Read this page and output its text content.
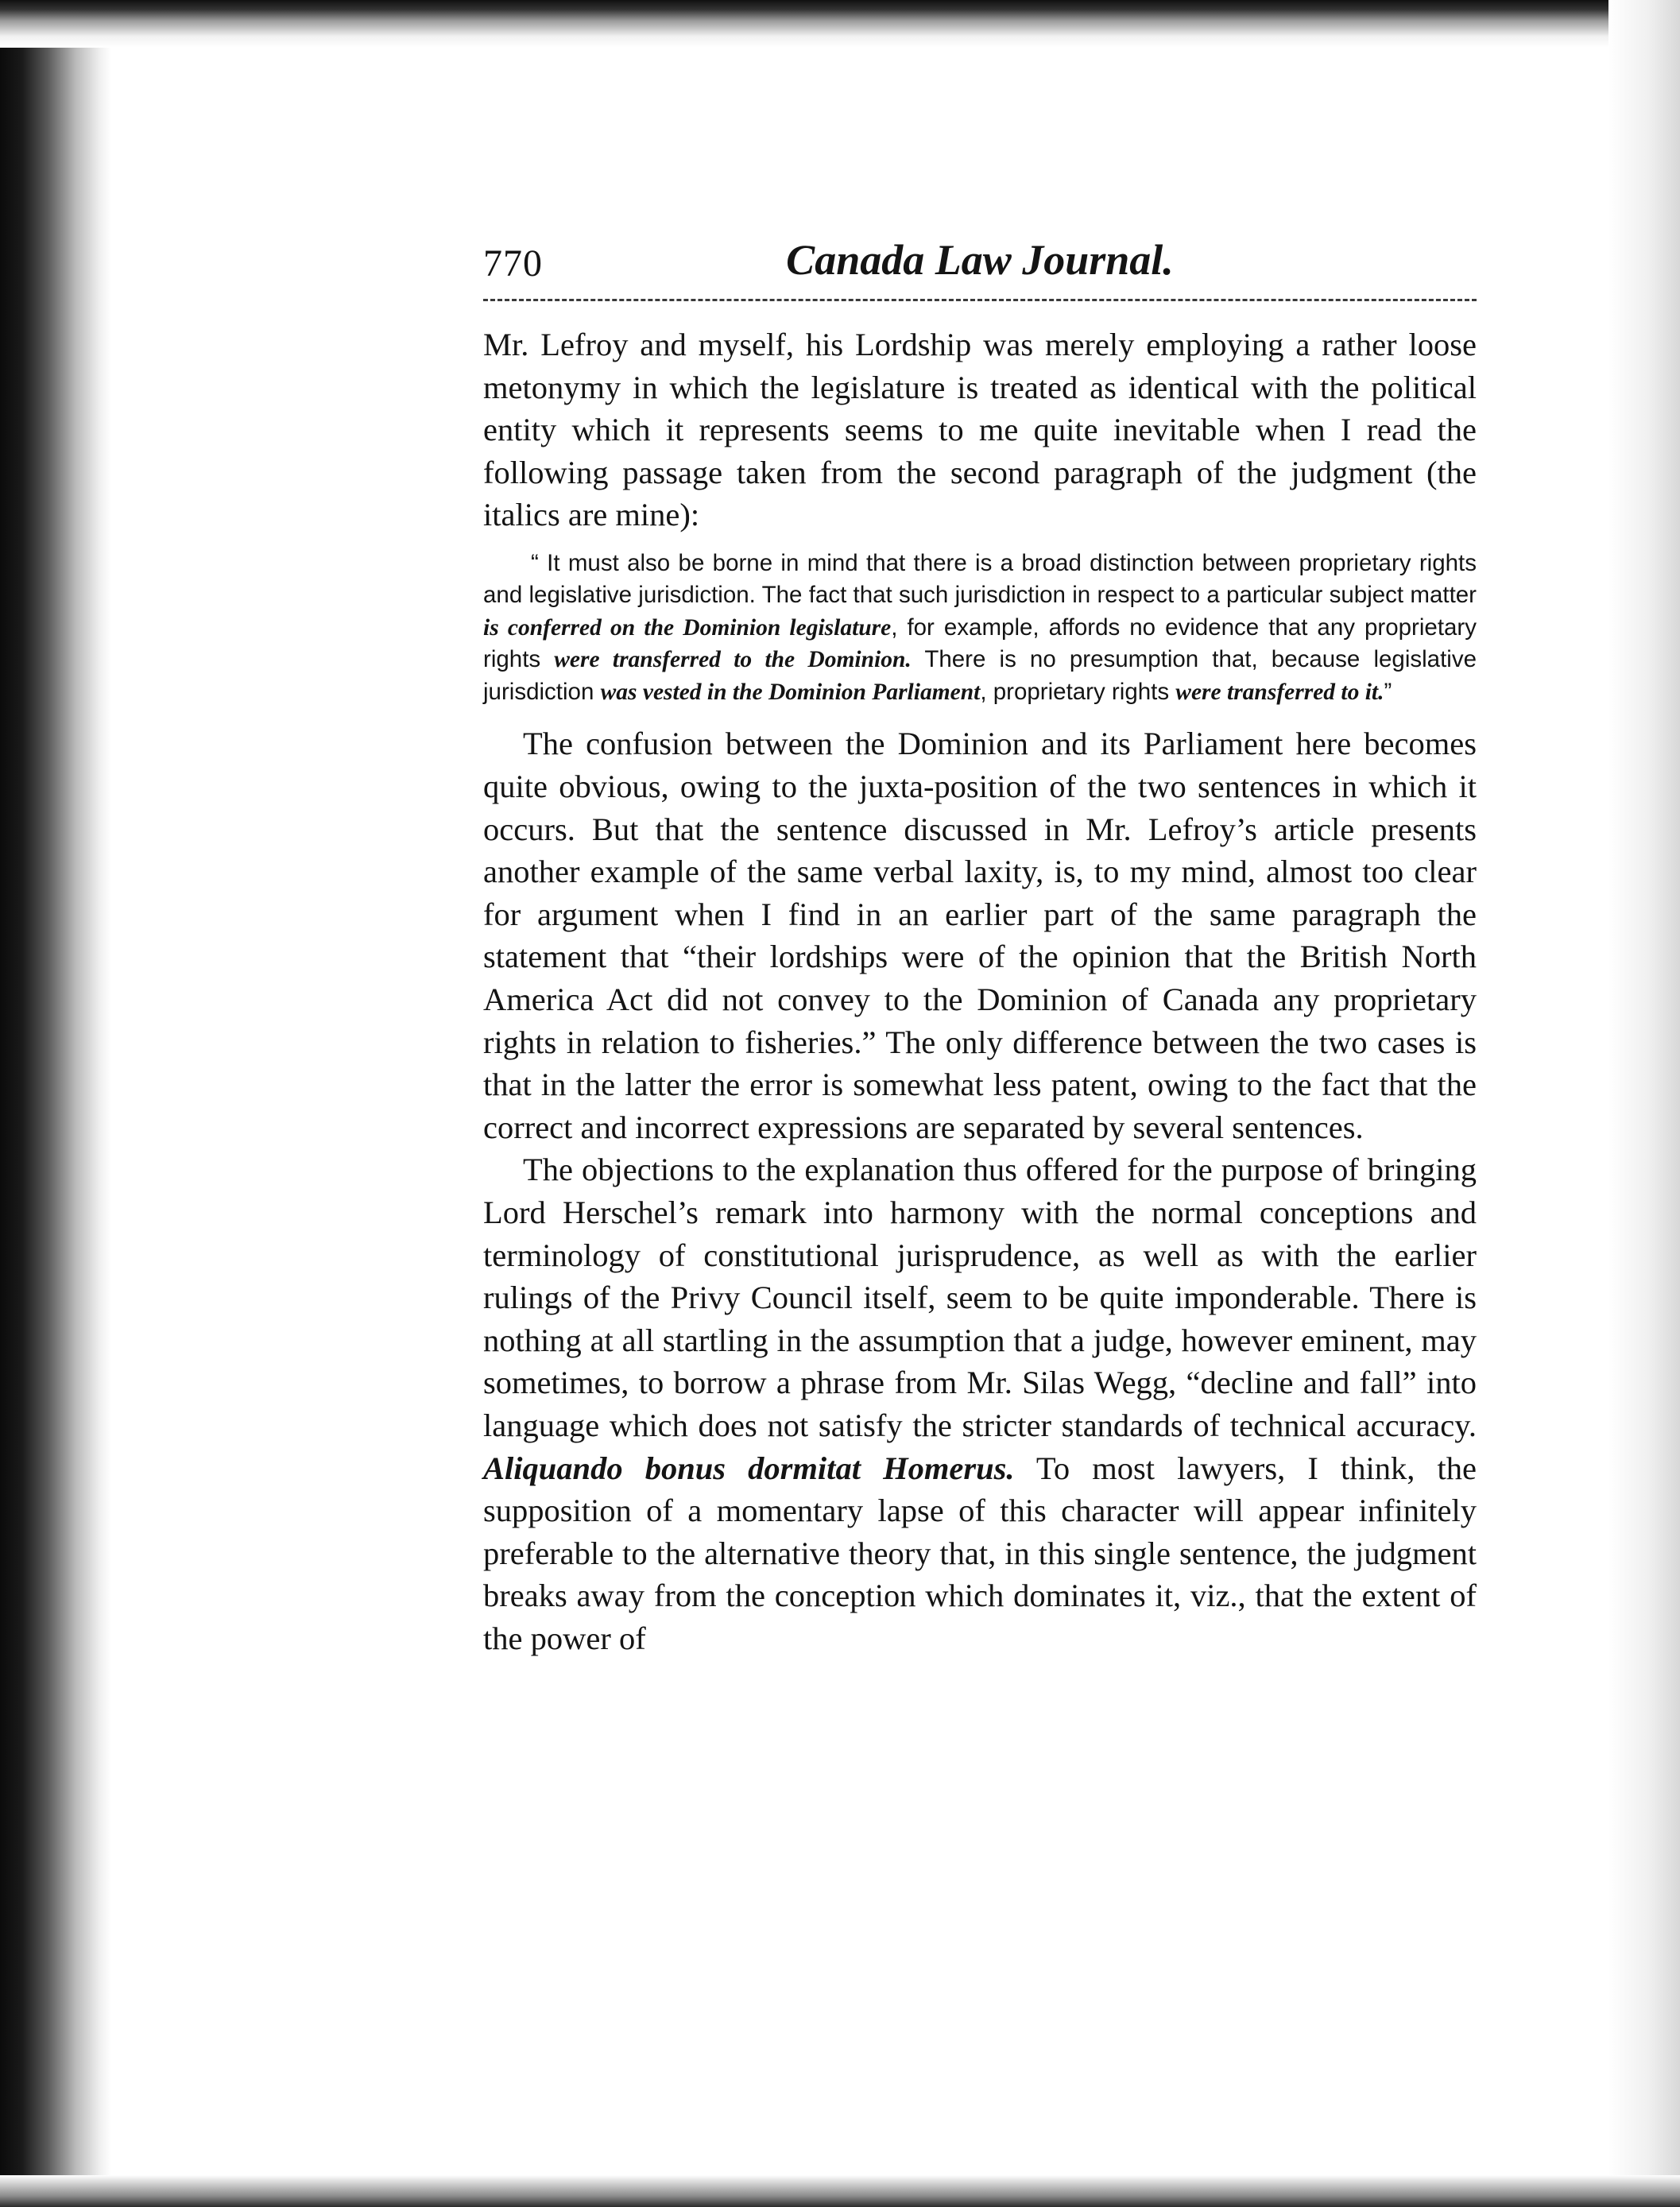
770	Canada Law Journal.

Mr. Lefroy and myself, his Lordship was merely employing a rather loose metonymy in which the legislature is treated as identical with the political entity which it represents seems to me quite inevitable when I read the following passage taken from the second paragraph of the judgment (the italics are mine):

“ It must also be borne in mind that there is a broad distinction between proprietary rights and legislative jurisdiction. The fact that such jurisdiction in respect to a particular subject matter is conferred on the Dominion legislature, for example, affords no evidence that any proprietary rights were transferred to the Dominion. There is no presumption that, because legislative jurisdiction was vested in the Dominion Parliament, proprietary rights were transferred to it.”

The confusion between the Dominion and its Parliament here becomes quite obvious, owing to the juxta-position of the two sentences in which it occurs. But that the sentence discussed in Mr. Lefroy’s article presents another example of the same verbal laxity, is, to my mind, almost too clear for argument when I find in an earlier part of the same paragraph the statement that “their lordships were of the opinion that the British North America Act did not convey to the Dominion of Canada any proprietary rights in relation to fisheries.” The only difference between the two cases is that in the latter the error is somewhat less patent, owing to the fact that the correct and incorrect expressions are separated by several sentences.

The objections to the explanation thus offered for the purpose of bringing Lord Herschel’s remark into harmony with the normal conceptions and terminology of constitutional jurisprudence, as well as with the earlier rulings of the Privy Council itself, seem to be quite imponderable. There is nothing at all startling in the assumption that a judge, however eminent, may sometimes, to borrow a phrase from Mr. Silas Wegg, “decline and fall” into language which does not satisfy the stricter standards of technical accuracy. Aliquando bonus dormitat Homerus. To most lawyers, I think, the supposition of a momentary lapse of this character will appear infinitely preferable to the alternative theory that, in this single sentence, the judgment breaks away from the conception which dominates it, viz., that the extent of the power of
